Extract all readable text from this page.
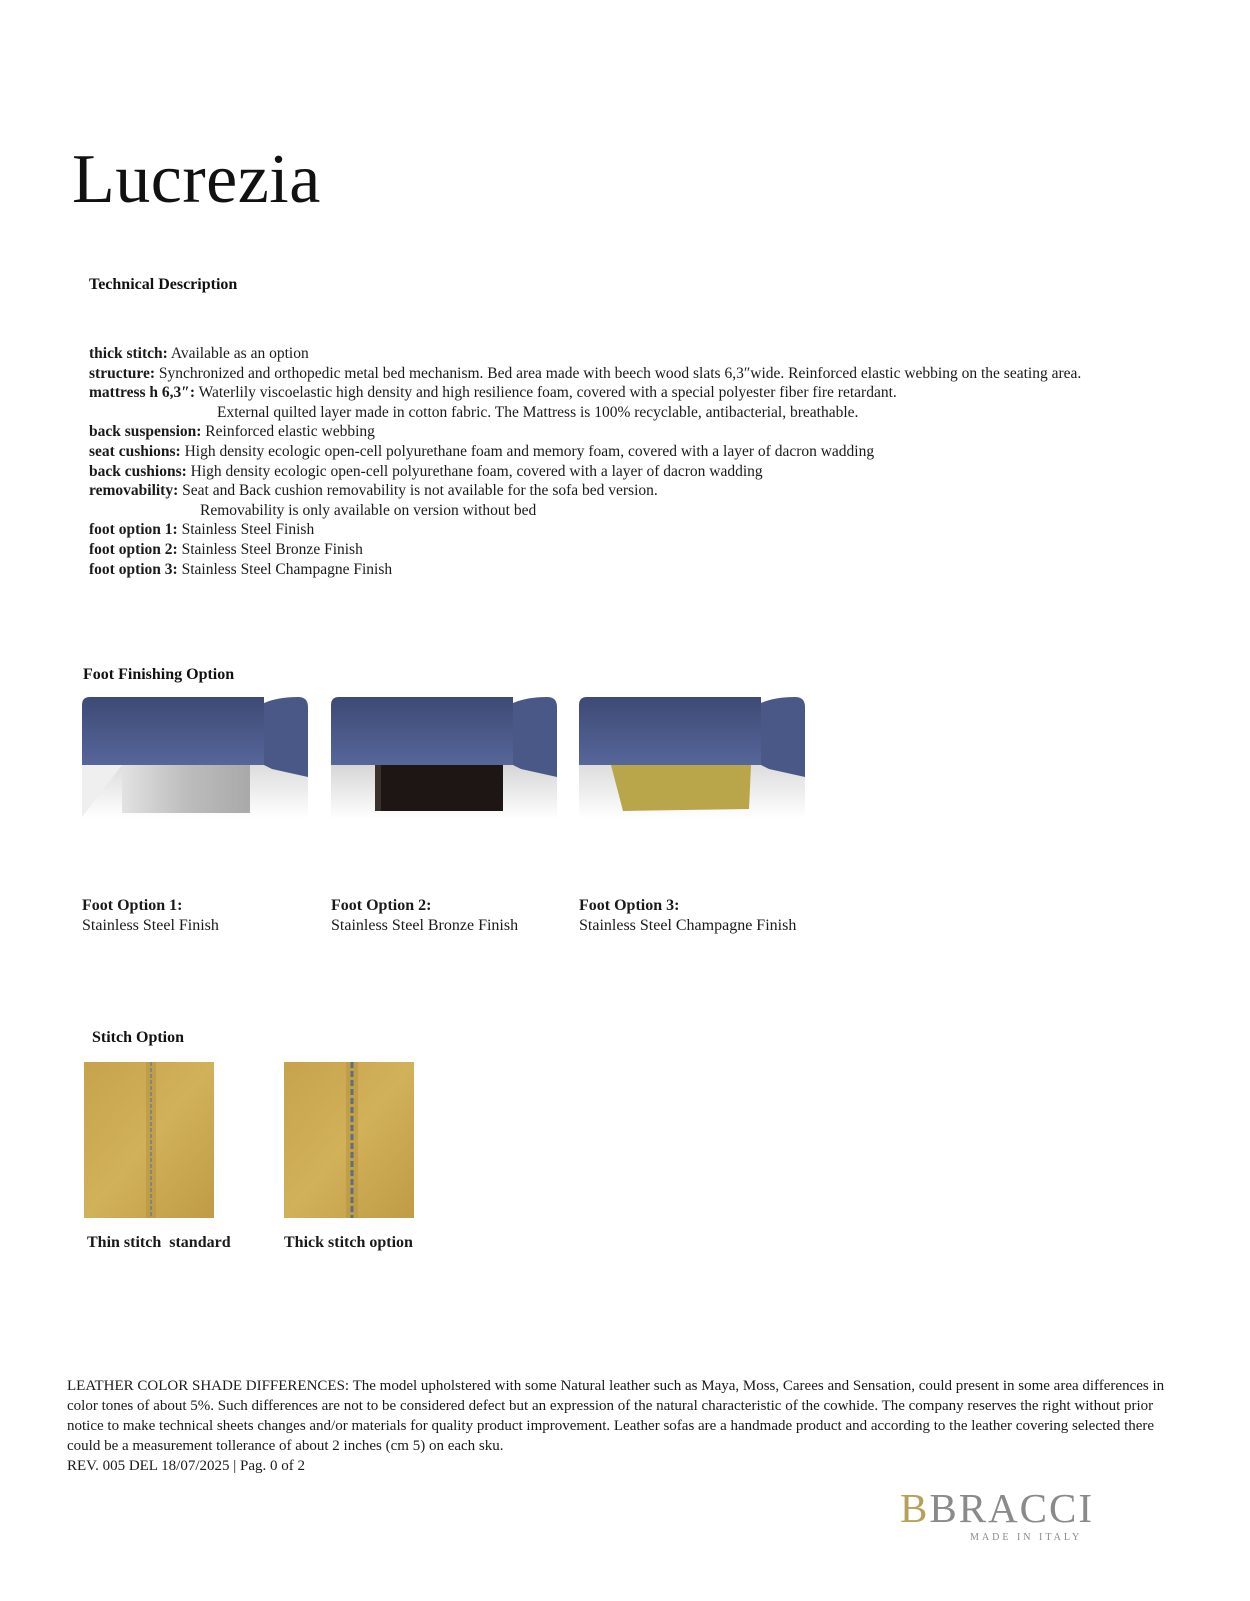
Lucrezia
Technical Description
thick stitch: Available as an option
structure: Synchronized and orthopedic metal bed mechanism. Bed area made with beech wood slats 6,3″wide. Reinforced elastic webbing on the seating area.
mattress h 6,3″: Waterlily viscoelastic high density and high resilience foam, covered with a special polyester fiber fire retardant.
External quilted layer made in cotton fabric. The Mattress is 100% recyclable, antibacterial, breathable.
back suspension: Reinforced elastic webbing
seat cushions: High density ecologic open-cell polyurethane foam and memory foam, covered with a layer of dacron wadding
back cushions: High density ecologic open-cell polyurethane foam, covered with a layer of dacron wadding
removability: Seat and Back cushion removability is not available for the sofa bed version.
Removability is only available on version without bed
foot option 1: Stainless Steel Finish
foot option 2: Stainless Steel Bronze Finish
foot option 3: Stainless Steel Champagne Finish
Foot Finishing Option
Foot Option 1:
Stainless Steel Finish
Foot Option 2:
Stainless Steel Bronze Finish
Foot Option 3:
Stainless Steel Champagne Finish
Stitch Option
Thin stitch  standard	Thick stitch option

LEATHER COLOR SHADE DIFFERENCES: The model upholstered with some Natural leather such as Maya, Moss, Carees and Sensation, could present in some area differences in color tones of about 5%. Such differences are not to be considered defect but an expression of the natural characteristic of the cowhide. The company reserves the right without prior notice to make technical sheets changes and/or materials for quality product improvement. Leather sofas are a handmade product and according to the leather covering selected there could be a measurement tollerance of about 2 inches (cm 5) on each sku.

REV. 005 DEL 18/07/2025 | Pag. 0 of 2
BBRACCI
MADE IN ITALY
